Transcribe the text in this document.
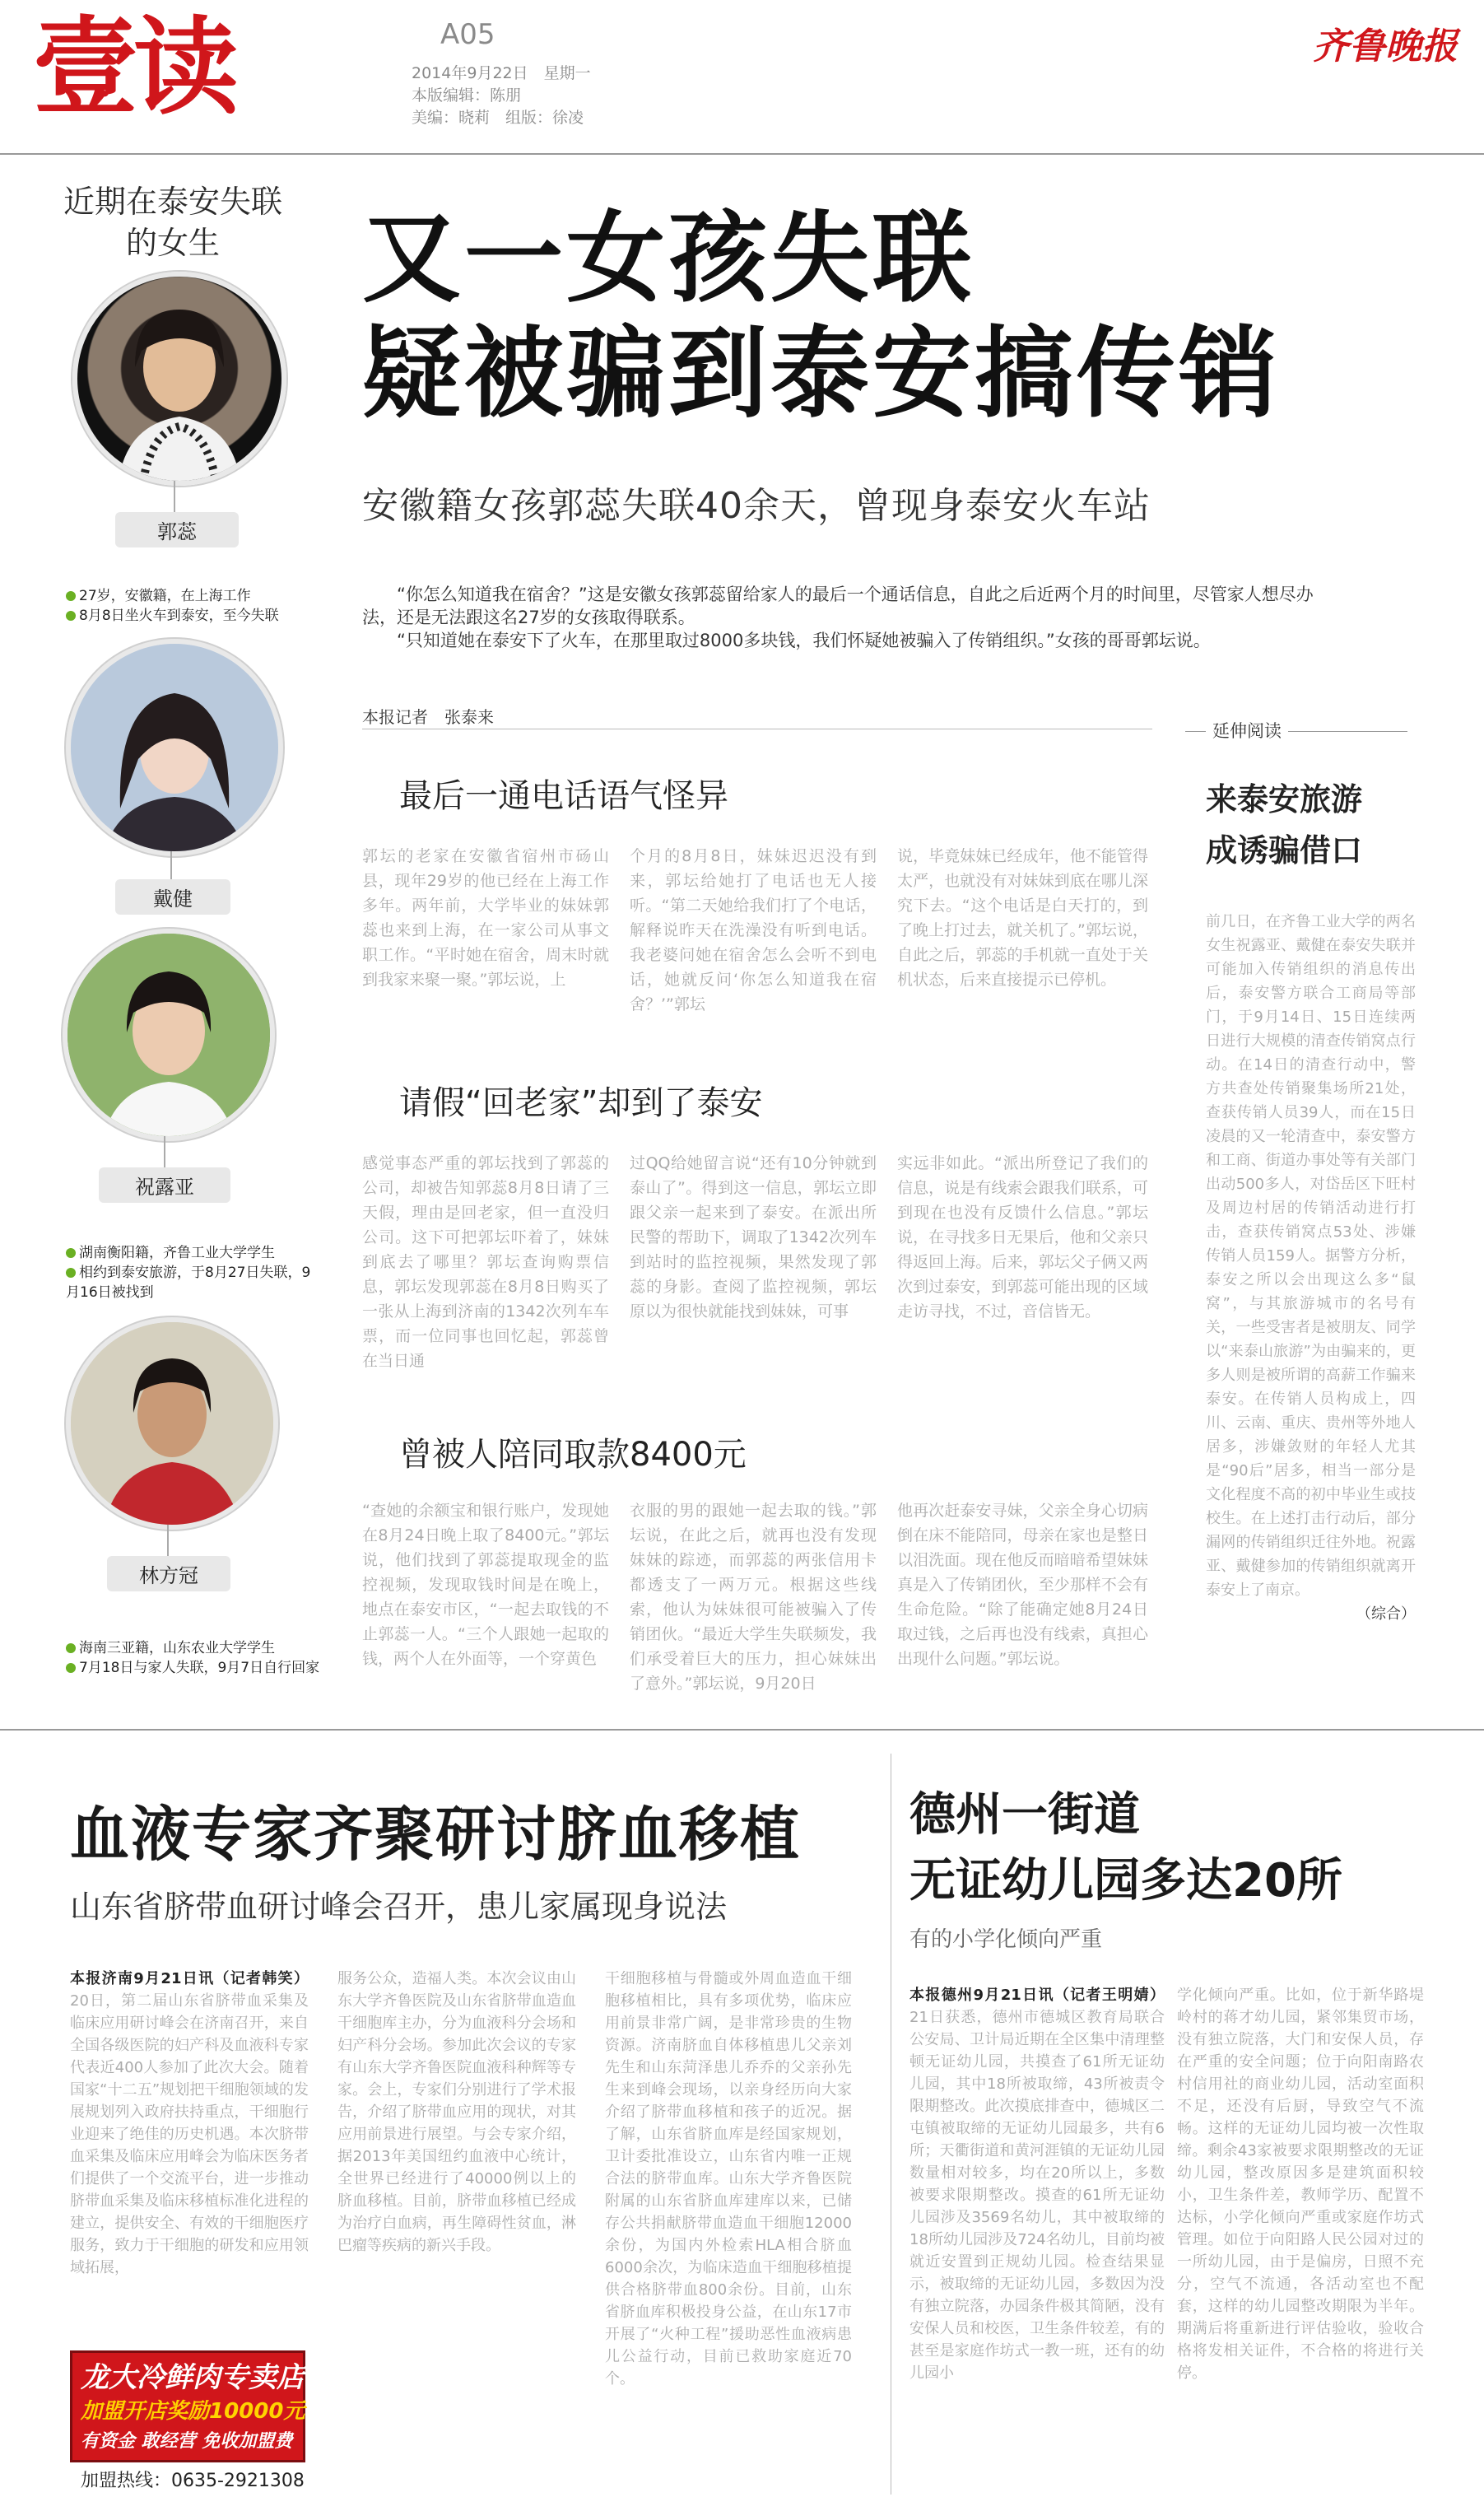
壹读	A05
2014年9月22日　星期一
本版编辑：陈朋
美编：晓莉　组版：徐凌
齐鲁晚报
近期在泰安失联的女生
郭蕊
27岁，安徽籍，在上海工作
8月8日坐火车到泰安，至今失联
戴健
祝露亚
湖南衡阳籍，齐鲁工业大学学生
相约到泰安旅游，于8月27日失联，9月16日被找到
林方冠
海南三亚籍，山东农业大学学生
7月18日与家人失联，9月7日自行回家
又一女孩失联
疑被骗到泰安搞传销
安徽籍女孩郭蕊失联40余天，曾现身泰安火车站
“你怎么知道我在宿舍？”这是安徽女孩郭蕊留给家人的最后一个通话信息，自此之后近两个月的时间里，尽管家人想尽办法，还是无法跟这名27岁的女孩取得联系。
“只知道她在泰安下了火车，在那里取过8000多块钱，我们怀疑她被骗入了传销组织。”女孩的哥哥郭坛说。
本报记者　张泰来
最后一通电话语气怪异
郭坛的老家在安徽省宿州市砀山县，现年29岁的他已经在上海工作多年。两年前，大学毕业的妹妹郭蕊也来到上海，在一家公司从事文职工作。“平时她在宿舍，周末时就到我家来聚一聚。”郭坛说，上
个月的8月8日，妹妹迟迟没有到来，郭坛给她打了电话也无人接听。“第二天她给我们打了个电话，解释说昨天在洗澡没有听到电话。我老婆问她在宿舍怎么会听不到电话，她就反问‘你怎么知道我在宿舍？’”郭坛
说，毕竟妹妹已经成年，他不能管得太严，也就没有对妹妹到底在哪儿深究下去。“这个电话是白天打的，到了晚上打过去，就关机了。”郭坛说，自此之后，郭蕊的手机就一直处于关机状态，后来直接提示已停机。
请假“回老家”却到了泰安
感觉事态严重的郭坛找到了郭蕊的公司，却被告知郭蕊8月8日请了三天假，理由是回老家，但一直没归公司。这下可把郭坛吓着了，妹妹到底去了哪里？郭坛查询购票信息，郭坛发现郭蕊在8月8日购买了一张从上海到济南的1342次列车车票，而一位同事也回忆起，郭蕊曾在当日通
过QQ给她留言说“还有10分钟就到泰山了”。得到这一信息，郭坛立即跟父亲一起来到了泰安。在派出所民警的帮助下，调取了1342次列车到站时的监控视频，果然发现了郭蕊的身影。查阅了监控视频，郭坛原以为很快就能找到妹妹，可事
实远非如此。“派出所登记了我们的信息，说是有线索会跟我们联系，可到现在也没有反馈什么信息。”郭坛说，在寻找多日无果后，他和父亲只得返回上海。后来，郭坛父子俩又两次到过泰安，到郭蕊可能出现的区域走访寻找，不过，音信皆无。
曾被人陪同取款8400元
“查她的余额宝和银行账户，发现她在8月24日晚上取了8400元。”郭坛说，他们找到了郭蕊提取现金的监控视频，发现取钱时间是在晚上，地点在泰安市区，“一起去取钱的不止郭蕊一人。“三个人跟她一起取的钱，两个人在外面等，一个穿黄色
衣服的男的跟她一起去取的钱。”郭坛说，在此之后，就再也没有发现妹妹的踪迹，而郭蕊的两张信用卡都透支了一两万元。根据这些线索，他认为妹妹很可能被骗入了传销团伙。“最近大学生失联频发，我们承受着巨大的压力，担心妹妹出了意外。”郭坛说，9月20日
他再次赶泰安寻妹，父亲全身心切病倒在床不能陪同，母亲在家也是整日以泪洗面。现在他反而暗暗希望妹妹真是入了传销团伙，至少那样不会有生命危险。“除了能确定她8月24日取过钱，之后再也没有线索，真担心出现什么问题。”郭坛说。
延伸阅读
来泰安旅游
成诱骗借口
前几日，在齐鲁工业大学的两名女生祝露亚、戴健在泰安失联并可能加入传销组织的消息传出后，泰安警方联合工商局等部门，于9月14日、15日连续两日进行大规模的清查传销窝点行动。在14日的清查行动中，警方共查处传销聚集场所21处，查获传销人员39人，而在15日凌晨的又一轮清查中，泰安警方和工商、街道办事处等有关部门出动500多人，对岱岳区下旺村及周边村居的传销活动进行打击，查获传销窝点53处、涉嫌传销人员159人。据警方分析，泰安之所以会出现这么多“鼠窝”，与其旅游城市的名号有关，一些受害者是被朋友、同学以“来泰山旅游”为由骗来的，更多人则是被所谓的高薪工作骗来泰安。在传销人员构成上，四川、云南、重庆、贵州等外地人居多，涉嫌敛财的年轻人尤其是“90后”居多，相当一部分是文化程度不高的初中毕业生或技校生。在上述打击行动后，部分漏网的传销组织迁往外地。祝露亚、戴健参加的传销组织就离开泰安上了南京。
（综合）
血液专家齐聚研讨脐血移植
山东省脐带血研讨峰会召开，患儿家属现身说法
本报济南9月21日讯（记者韩笑） 20日，第二届山东省脐带血采集及临床应用研讨峰会在济南召开，来自全国各级医院的妇产科及血液科专家代表近400人参加了此次大会。随着国家“十二五”规划把干细胞领域的发展规划列入政府扶持重点，干细胞行业迎来了绝佳的历史机遇。本次脐带血采集及临床应用峰会为临床医务者们提供了一个交流平台，进一步推动脐带血采集及临床移植标准化进程的建立，提供安全、有效的干细胞医疗服务，致力于干细胞的研发和应用领域拓展，
服务公众，造福人类。本次会议由山东大学齐鲁医院及山东省脐带血造血干细胞库主办，分为血液科分会场和妇产科分会场。参加此次会议的专家有山东大学齐鲁医院血液科种辉等专家。会上，专家们分别进行了学术报告，介绍了脐带血应用的现状，对其应用前景进行展望。与会专家介绍，据2013年美国纽约血液中心统计，全世界已经进行了40000例以上的脐血移植。目前，脐带血移植已经成为治疗白血病，再生障碍性贫血，淋巴瘤等疾病的新兴手段。
干细胞移植与骨髓或外周血造血干细胞移植相比，具有多项优势，临床应用前景非常广阔，是非常珍贵的生物资源。济南脐血自体移植患儿父亲刘先生和山东菏泽患儿乔乔的父亲孙先生来到峰会现场，以亲身经历向大家介绍了脐带血移植和孩子的近况。据了解，山东省脐血库是经国家规划，卫计委批准设立，山东省内唯一正规合法的脐带血库。山东大学齐鲁医院附属的山东省脐血库建库以来，已储存公共捐献脐带血造血干细胞12000余份，为国内外检索HLA相合脐血6000余次，为临床造血干细胞移植提供合格脐带血800余份。目前，山东省脐血库积极投身公益，在山东17市开展了“火种工程”援助恶性血液病患儿公益行动，目前已救助家庭近70个。
龙大冷鲜肉专卖店
加盟开店奖励10000元
有资金 敢经营 免收加盟费
加盟热线：0635-2921308
德州一街道
无证幼儿园多达20所
有的小学化倾向严重
本报德州9月21日讯（记者王明婧） 21日获悉，德州市德城区教育局联合公安局、卫计局近期在全区集中清理整顿无证幼儿园，共摸查了61所无证幼儿园，其中18所被取缔，43所被责令限期整改。此次摸底排查中，德城区二屯镇被取缔的无证幼儿园最多，共有6所；天衢街道和黄河涯镇的无证幼儿园数量相对较多，均在20所以上，多数被要求限期整改。摸查的61所无证幼儿园涉及3569名幼儿，其中被取缔的18所幼儿园涉及724名幼儿，目前均被就近安置到正规幼儿园。检查结果显示，被取缔的无证幼儿园，多数因为没有独立院落，办园条件极其简陋，没有安保人员和校医，卫生条件较差，有的甚至是家庭作坊式一教一班，还有的幼儿园小
学化倾向严重。比如，位于新华路堤岭村的蒋才幼儿园，紧邻集贸市场，没有独立院落，大门和安保人员，存在严重的安全问题；位于向阳南路农村信用社的商业幼儿园，活动室面积不足，还没有后厨，导致空气不流畅。这样的无证幼儿园均被一次性取缔。剩余43家被要求限期整改的无证幼儿园，整改原因多是建筑面积较小，卫生条件差，教师学历、配置不达标，小学化倾向严重或家庭作坊式管理。如位于向阳路人民公园对过的一所幼儿园，由于是偏房，日照不充分，空气不流通，各活动室也不配套，这样的幼儿园整改期限为半年。期满后将重新进行评估验收，验收合格将发相关证件，不合格的将进行关停。
